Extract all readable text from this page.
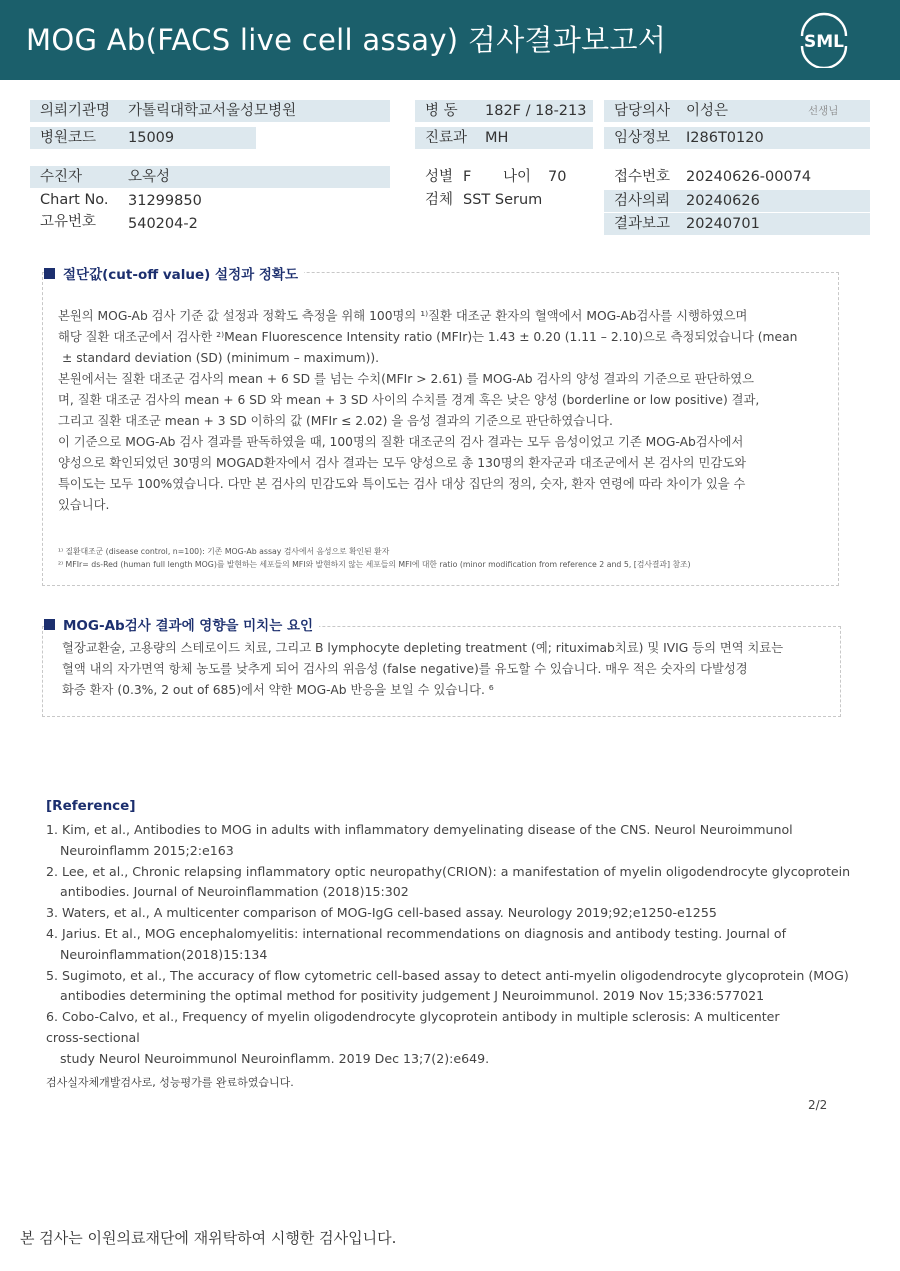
MOG Ab(FACS live cell assay) 검사결과보고서	SML
의뢰기관명 가톨릭대학교서울성모병원	병 동 182F / 18-213 담당의사 이성은	선생님
병원코드 15009	진료과 MH	임상정보 I286T0120
수진자	오옥성
Chart No. 31299850
고유번호 540204-2
성별 F 나이 70
검체 SST Serum
접수번호 20240626-00074
검사의뢰 20240626
결과보고 20240701
절단값(cut-off value) 설정과 정확도

본원의 MOG-Ab 검사 기준 값 설정과 정확도 측정을 위해 100명의 ¹⁾질환 대조군 환자의 혈액에서 MOG-Ab검사를 시행하였으며

해당 질환 대조군에서 검사한 ²⁾Mean Fluorescence Intensity ratio (MFIr)는 1.43 ± 0.20 (1.11 – 2.10)으로 측정되었습니다 (mean

± standard deviation (SD) (minimum – maximum)).

본원에서는 질환 대조군 검사의 mean + 6 SD 를 넘는 수치(MFIr > 2.61) 를 MOG-Ab 검사의 양성 결과의 기준으로 판단하였으

며, 질환 대조군 검사의 mean + 6 SD 와 mean + 3 SD 사이의 수치를 경계 혹은 낮은 양성 (borderline or low positive) 결과,

그리고 질환 대조군 mean + 3 SD 이하의 값 (MFIr ≤ 2.02) 을 음성 결과의 기준으로 판단하였습니다.

이 기준으로 MOG-Ab 검사 결과를 판독하였을 때, 100명의 질환 대조군의 검사 결과는 모두 음성이었고 기존 MOG-Ab검사에서

양성으로 확인되었던 30명의 MOGAD환자에서 검사 결과는 모두 양성으로 총 130명의 환자군과 대조군에서 본 검사의 민감도와

특이도는 모두 100%였습니다. 다만 본 검사의 민감도와 특이도는 검사 대상 집단의 정의, 숫자, 환자 연령에 따라 차이가 있을 수

있습니다.

¹⁾ 질환대조군 (disease control, n=100): 기존 MOG-Ab assay 검사에서 음성으로 확인된 환자
²⁾ MFIr= ds-Red (human full length MOG)를 발현하는 세포들의 MFI와 발현하지 않는 세포들의 MFI에 대한 ratio (minor modification from reference 2 and 5, [검사결과] 참조)
MOG-Ab검사 결과에 영향을 미치는 요인

혈장교환술, 고용량의 스테로이드 치료, 그리고 B lymphocyte depleting treatment (예; rituximab치료) 및 IVIG 등의 면역 치료는

혈액 내의 자가면역 항체 농도를 낮추게 되어 검사의 위음성 (false negative)를 유도할 수 있습니다. 매우 적은 숫자의 다발성경

화증 환자 (0.3%, 2 out of 685)에서 약한 MOG-Ab 반응을 보일 수 있습니다. ⁶

[Reference]
1. Kim, et al., Antibodies to MOG in adults with inflammatory demyelinating disease of the CNS. Neurol Neuroimmunol
Neuroinflamm 2015;2:e163
2. Lee, et al., Chronic relapsing inflammatory optic neuropathy(CRION): a manifestation of myelin oligodendrocyte glycoprotein
antibodies. Journal of Neuroinflammation (2018)15:302
3. Waters, et al., A multicenter comparison of MOG-IgG cell-based assay. Neurology 2019;92;e1250-e1255
4. Jarius. Et al., MOG encephalomyelitis: international recommendations on diagnosis and antibody testing. Journal of
Neuroinflammation(2018)15:134
5. Sugimoto, et al., The accuracy of flow cytometric cell-based assay to detect anti-myelin oligodendrocyte glycoprotein (MOG)
antibodies determining the optimal method for positivity judgement J Neuroimmunol. 2019 Nov 15;336:577021
6. Cobo-Calvo, et al., Frequency of myelin oligodendrocyte glycoprotein antibody in multiple sclerosis: A multicenter
cross-sectional
study Neurol Neuroimmunol Neuroinflamm. 2019 Dec 13;7(2):e649.
검사실자체개발검사로, 성능평가를 완료하였습니다.
2/2
본 검사는 이원의료재단에 재위탁하여 시행한 검사입니다.
